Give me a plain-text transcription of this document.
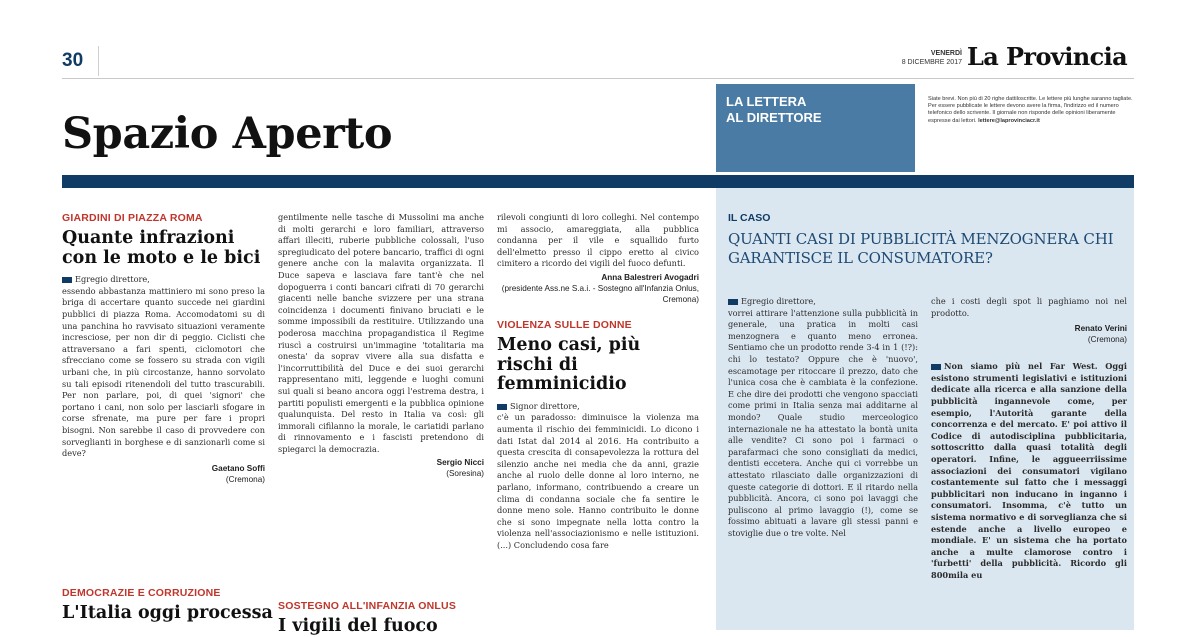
30	VENERDÌ
8 DICEMBRE 2017 La Provincia
Spazio Aperto
LA LETTERA
AL DIRETTORE
Siate brevi. Non più di 20 righe dattiloscritte. Le lettere più lunghe saranno tagliate. Per essere pubblicate le lettere devono avere la firma, l'indirizzo ed il numero telefonico dello scrivente. Il giornale non risponde delle opinioni liberamente espresse dai lettori. lettere@laprovinciacr.it
GIARDINI DI PIAZZA ROMA
Quante infrazioni con le moto e le bici

Egregio direttore,

essendo abbastanza mattiniero mi sono preso la briga di accertare quanto succede nei giardini pubblici di piazza Roma. Accomodatomi su di una panchina ho ravvisato situazioni veramente incresciose, per non dir di peggio. Ciclisti che attraversano a fari spenti, ciclomotori che sfrecciano come se fossero su strada con vigili urbani che, in più circostanze, hanno sorvolato su tali episodi ritenendoli del tutto trascurabili. Per non parlare, poi, di quei 'signori' che portano i cani, non solo per lasciarli sfogare in corse sfrenate, ma pure per fare i propri bisogni. Non sarebbe il caso di provvedere con sorveglianti in borghese e di sanzionarli come si deve?

Gaetano Soffi
(Cremona)
DEMOCRAZIE E CORRUZIONE
L'Italia oggi processa
gentilmente nelle tasche di Mussolini ma anche di molti gerarchi e loro familiari, attraverso affari illeciti, ruberie pubbliche colossali, l'uso spregiudicato del potere bancario, traffici di ogni genere anche con la malavita organizzata. Il Duce sapeva e lasciava fare tant'è che nel dopoguerra i conti bancari cifrati di 70 gerarchi giacenti nelle banche svizzere per una strana coincidenza i documenti finivano bruciati e le somme impossibili da restituire. Utilizzando una poderosa macchina propagandistica il Regime riuscì a costruirsi un'immagine 'totalitaria ma onesta' da soprav vivere alla sua disfatta e l'incorruttibilità del Duce e dei suoi gerarchi rappresentano miti, leggende e luoghi comuni sui quali si beano ancora oggi l'estrema destra, i partiti populisti emergenti e la pubblica opinione qualunquista. Del resto in Italia va così: gli immorali cifilanno la morale, le cariatidi parlano di rinnovamento e i fascisti pretendono di spiegarci la democrazia.
Sergio Nicci
(Soresina)
SOSTEGNO ALL'INFANZIA ONLUS
I vigili del fuoco
rilevoli congiunti di loro colleghi. Nel contempo mi associo, amareggiata, alla pubblica condanna per il vile e squallido furto dell'elmetto presso il cippo eretto al civico cimitero a ricordo dei vigili del fuoco defunti.
Anna Balestreri Avogadri
(presidente Ass.ne S.a.i. - Sostegno all'Infanzia Onlus, Cremona)
VIOLENZA SULLE DONNE
Meno casi, più rischi di femminicidio

Signor direttore,

c'è un paradosso: diminuisce la violenza ma aumenta il rischio dei femminicidi. Lo dicono i dati Istat dal 2014 al 2016. Ha contribuito a questa crescita di consapevolezza la rottura del silenzio anche nei media che da anni, grazie anche al ruolo delle donne al loro interno, ne parlano, informano, contribuendo a creare un clima di condanna sociale che fa sentire le donne meno sole. Hanno contribuito le donne che si sono impegnate nella lotta contro la violenza nell'associazionismo e nelle istituzioni. (...) Concludendo cosa fare

IL CASO
QUANTI CASI DI PUBBLICITÀ MENZOGNERA CHI GARANTISCE IL CONSUMATORE?

Egregio direttore,

vorrei attirare l'attenzione sulla pubblicità in generale, una pratica in molti casi menzognera e quanto meno erronea. Sentiamo che un prodotto rende 3-4 in 1 (!?): chi lo testato? Oppure che è 'nuovo', escamotage per ritoccare il prezzo, dato che l'unica cosa che è cambiata è la confezione. E che dire dei prodotti che vengono spacciati come primi in Italia senza mai additarne al mondo? Quale studio merceologico internazionale ne ha attestato la bontà unita alle vendite? Ci sono poi i farmaci o parafarmaci che sono consigliati da medici, dentisti eccetera. Anche qui ci vorrebbe un attestato rilasciato dalle organizzazioni di queste categorie di dottori. E il ritardo nella pubblicità. Ancora, ci sono poi lavaggi che puliscono al primo lavaggio (!), come se fossimo abituati a lavare gli stessi panni e stoviglie due o tre volte. Nel

che i costi degli spot li paghiamo noi nel prodotto.
Renato Verini
(Cremona)
Non siamo più nel Far West. Oggi esistono strumenti legislativi e istituzioni dedicate alla ricerca e alla sanzione della pubblicità ingannevole come, per esempio, l'Autorità garante della concorrenza e del mercato. E' poi attivo il Codice di autodisciplina pubblicitaria, sottoscritto dalla quasi totalità degli operatori. Infine, le aggueerriissime associazioni dei consumatori vigilano costantemente sul fatto che i messaggi pubblicitari non inducano in inganno i consumatori. Insomma, c'è tutto un sistema normativo e di sorveglianza che si estende anche a livello europeo e mondiale. E' un sistema che ha portato anche a multe clamorose contro i 'furbetti' della pubblicità. Ricordo gli 800mila eu
